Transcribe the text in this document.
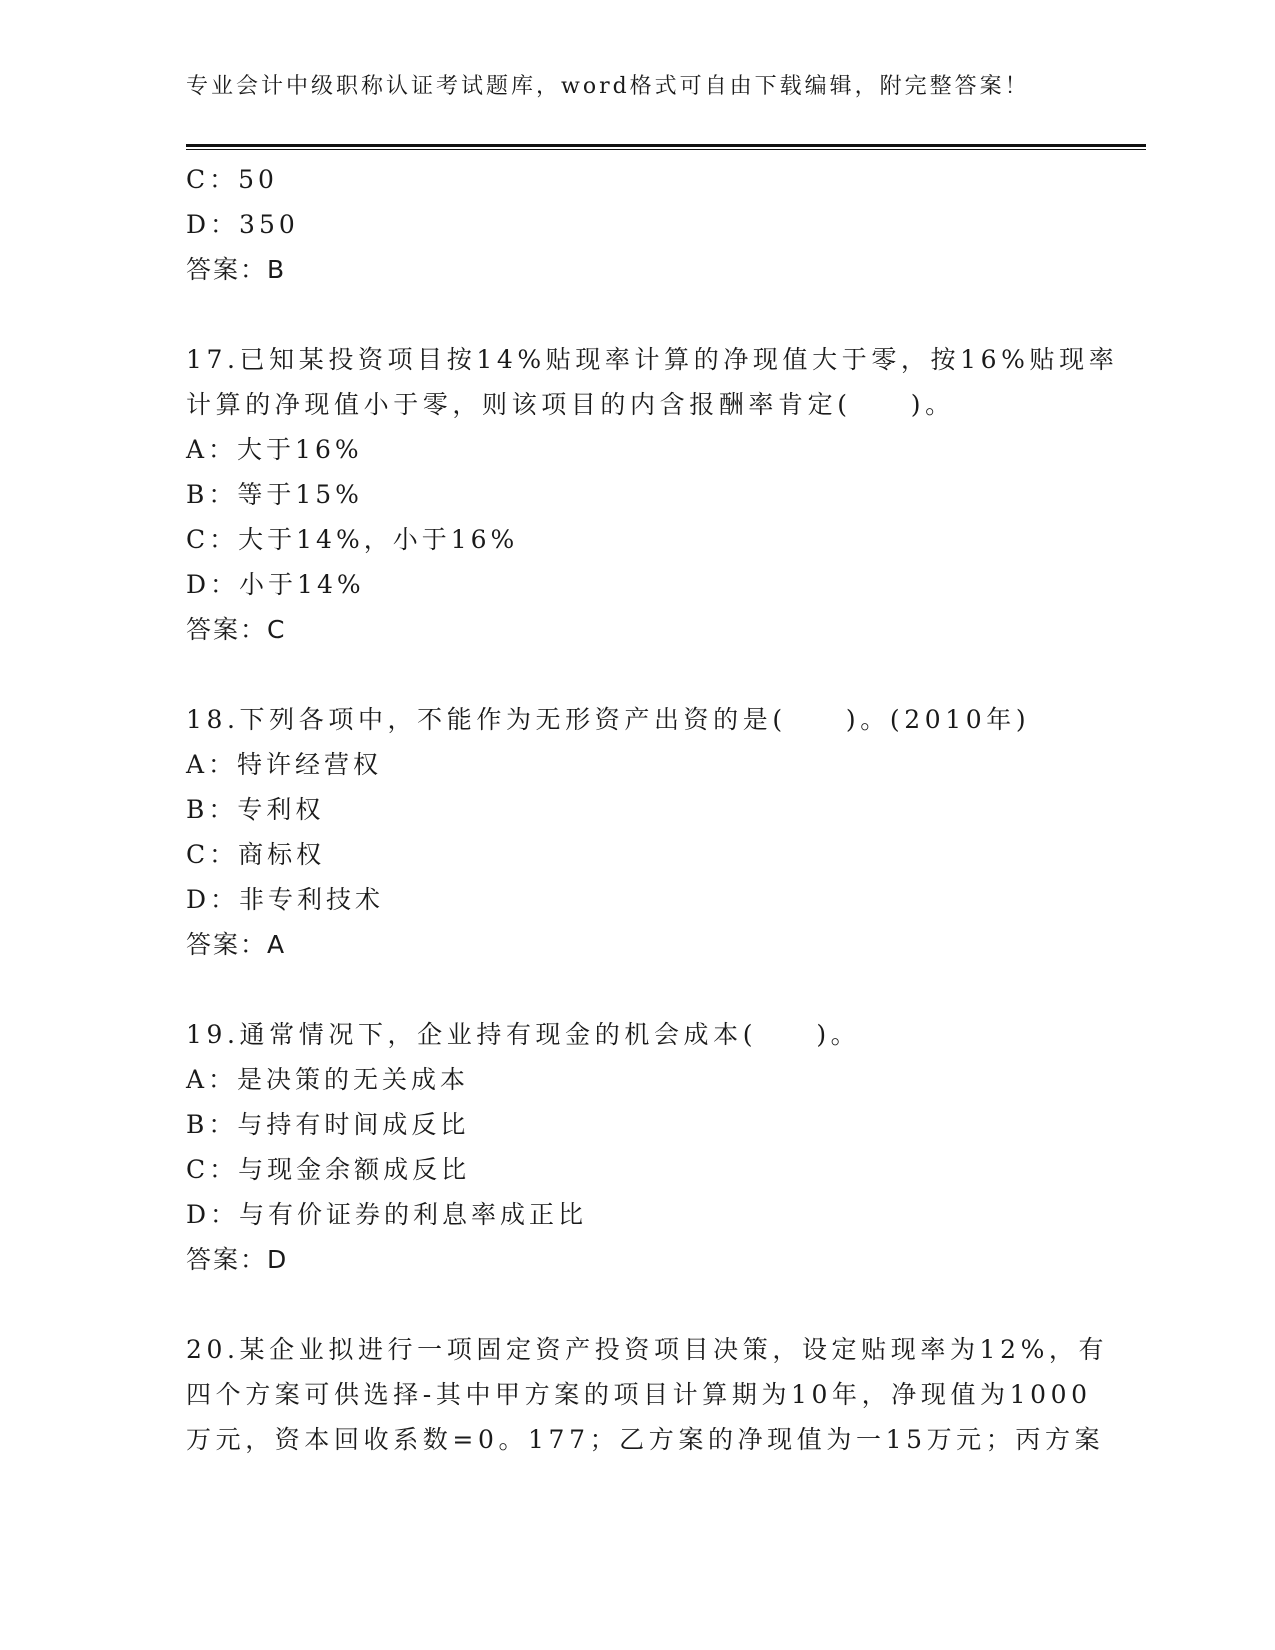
专业会计中级职称认证考试题库，word格式可自由下载编辑，附完整答案！
C：50
D：350
答案：B
17.已知某投资项目按14%贴现率计算的净现值大于零，按16%贴现率
计算的净现值小于零，则该项目的内含报酬率肯定(　　)。
A：大于16%
B：等于15%
C：大于14%，小于16%
D：小于14%
答案：C
18.下列各项中，不能作为无形资产出资的是(　　)。(2010年)
A：特许经营权
B：专利权
C：商标权
D：非专利技术
答案：A
19.通常情况下，企业持有现金的机会成本(　　)。
A：是决策的无关成本
B：与持有时间成反比
C：与现金余额成反比
D：与有价证券的利息率成正比
答案：D
20.某企业拟进行一项固定资产投资项目决策，设定贴现率为12%，有
四个方案可供选择-其中甲方案的项目计算期为10年，净现值为1000
万元，资本回收系数=0。177；乙方案的净现值为一15万元；丙方案
